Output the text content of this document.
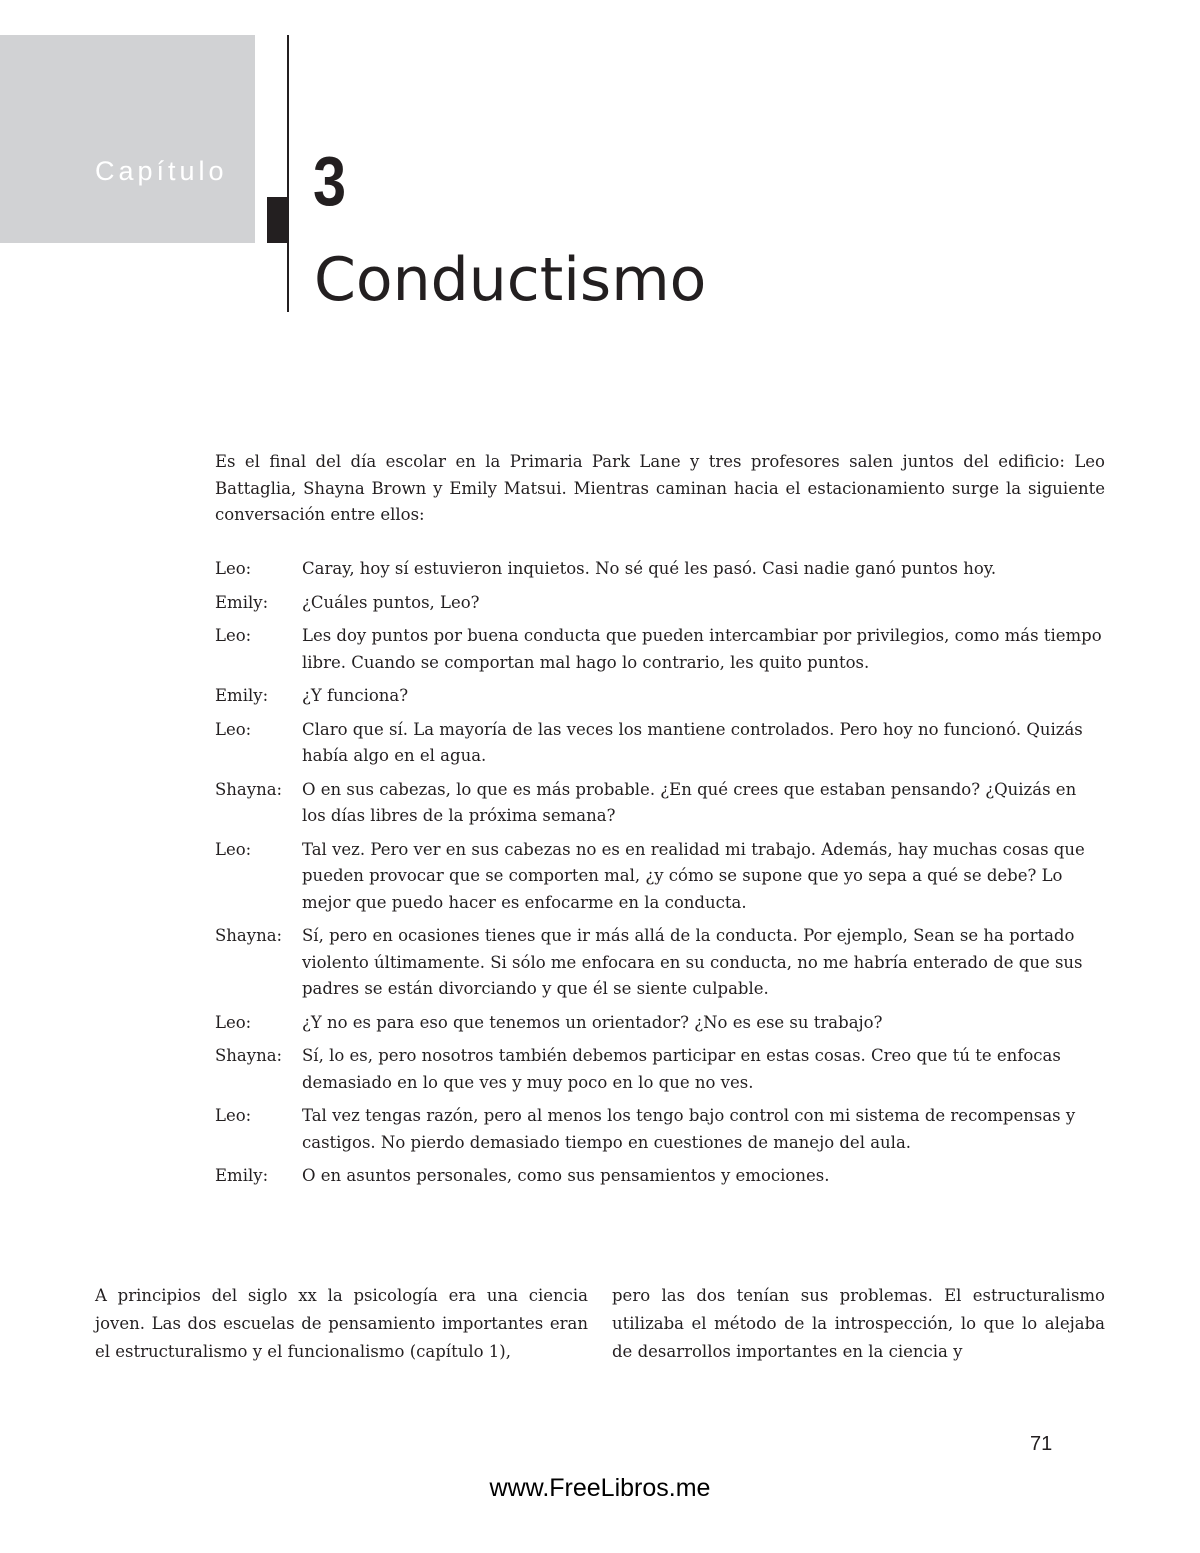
Capítulo 3
Conductismo

Es el final del día escolar en la Primaria Park Lane y tres profesores salen juntos del edificio: Leo Battaglia, Shayna Brown y Emily Matsui. Mientras caminan hacia el estacionamiento surge la siguiente conversación entre ellos:

Leo:	Caray, hoy sí estuvieron inquietos. No sé qué les pasó. Casi nadie ganó puntos hoy.
Emily:	¿Cuáles puntos, Leo?
Leo:	Les doy puntos por buena conducta que pueden intercambiar por privilegios, como más tiempo libre. Cuando se comportan mal hago lo contrario, les quito puntos.
Emily:	¿Y funciona?
Leo:	Claro que sí. La mayoría de las veces los mantiene controlados. Pero hoy no funcionó. Quizás había algo en el agua.
Shayna:	O en sus cabezas, lo que es más probable. ¿En qué crees que estaban pensando? ¿Quizás en los días libres de la próxima semana?
Leo:	Tal vez. Pero ver en sus cabezas no es en realidad mi trabajo. Además, hay muchas cosas que pueden provocar que se comporten mal, ¿y cómo se supone que yo sepa a qué se debe? Lo mejor que puedo hacer es enfocarme en la conducta.
Shayna:	Sí, pero en ocasiones tienes que ir más allá de la conducta. Por ejemplo, Sean se ha portado violento últimamente. Si sólo me enfocara en su conducta, no me habría enterado de que sus padres se están divorciando y que él se siente culpable.
Leo:	¿Y no es para eso que tenemos un orientador? ¿No es ese su trabajo?
Shayna:	Sí, lo es, pero nosotros también debemos participar en estas cosas. Creo que tú te enfocas demasiado en lo que ves y muy poco en lo que no ves.
Leo:	Tal vez tengas razón, pero al menos los tengo bajo control con mi sistema de recompensas y castigos. No pierdo demasiado tiempo en cuestiones de manejo del aula.
Emily:	O en asuntos personales, como sus pensamientos y emociones.

A principios del siglo xx la psicología era una ciencia joven. Las dos escuelas de pensamiento importantes eran el estructuralismo y el funcionalismo (capítulo 1),

pero las dos tenían sus problemas. El estructuralismo utilizaba el método de la introspección, lo que lo alejaba de desarrollos importantes en la ciencia y

71
www.FreeLibros.me
